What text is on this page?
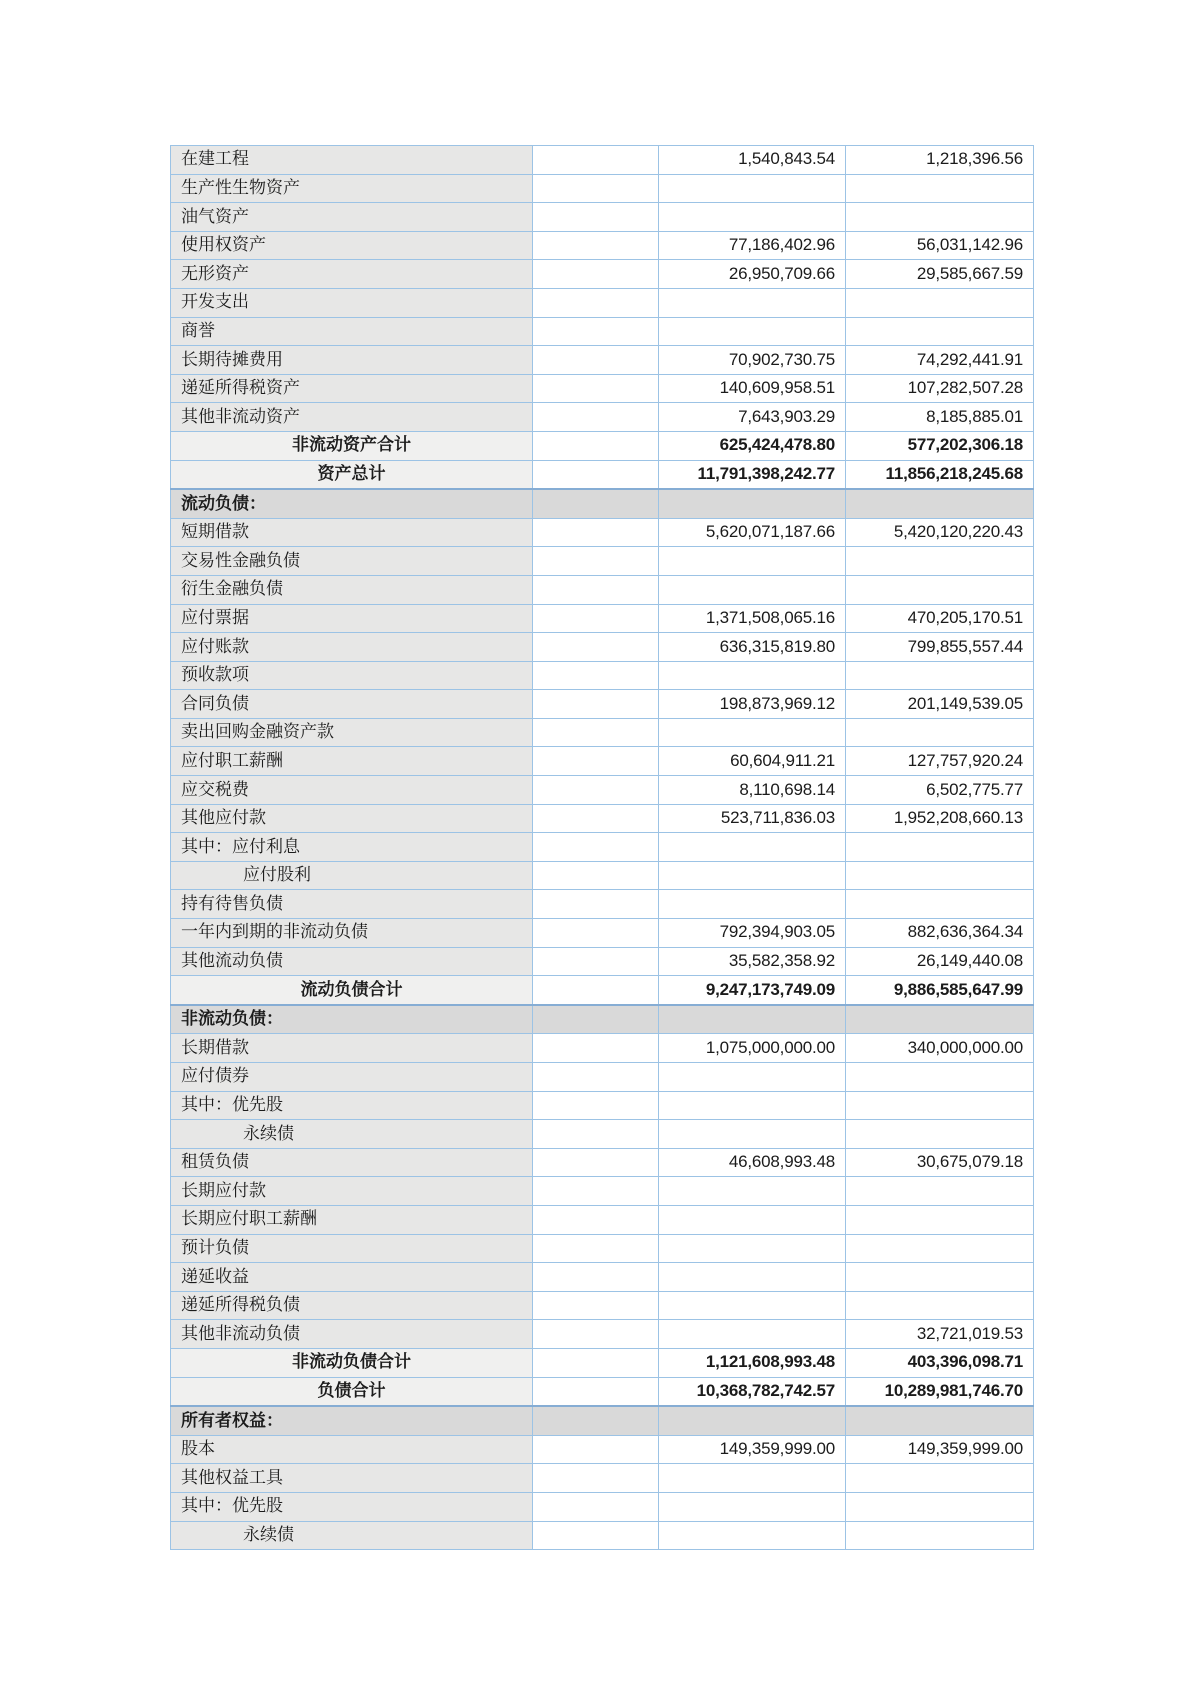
在建工程		1,540,843.54	1,218,396.56
生产性生物资产			
油气资产			
使用权资产		77,186,402.96	56,031,142.96
无形资产		26,950,709.66	29,585,667.59
开发支出			
商誉			
长期待摊费用		70,902,730.75	74,292,441.91
递延所得税资产		140,609,958.51	107,282,507.28
其他非流动资产		7,643,903.29	8,185,885.01
非流动资产合计		625,424,478.80	577,202,306.18
资产总计		11,791,398,242.77	11,856,218,245.68
流动负债：			
短期借款		5,620,071,187.66	5,420,120,220.43
交易性金融负债			
衍生金融负债			
应付票据		1,371,508,065.16	470,205,170.51
应付账款		636,315,819.80	799,855,557.44
预收款项			
合同负债		198,873,969.12	201,149,539.05
卖出回购金融资产款			
应付职工薪酬		60,604,911.21	127,757,920.24
应交税费		8,110,698.14	6,502,775.77
其他应付款		523,711,836.03	1,952,208,660.13
其中：应付利息			
应付股利			
持有待售负债			
一年内到期的非流动负债		792,394,903.05	882,636,364.34
其他流动负债		35,582,358.92	26,149,440.08
流动负债合计		9,247,173,749.09	9,886,585,647.99
非流动负债：			
长期借款		1,075,000,000.00	340,000,000.00
应付债券			
其中：优先股			
永续债			
租赁负债		46,608,993.48	30,675,079.18
长期应付款			
长期应付职工薪酬			
预计负债			
递延收益			
递延所得税负债			
其他非流动负债			32,721,019.53
非流动负债合计		1,121,608,993.48	403,396,098.71
负债合计		10,368,782,742.57	10,289,981,746.70
所有者权益：			
股本		149,359,999.00	149,359,999.00
其他权益工具			
其中：优先股			
永续债			
